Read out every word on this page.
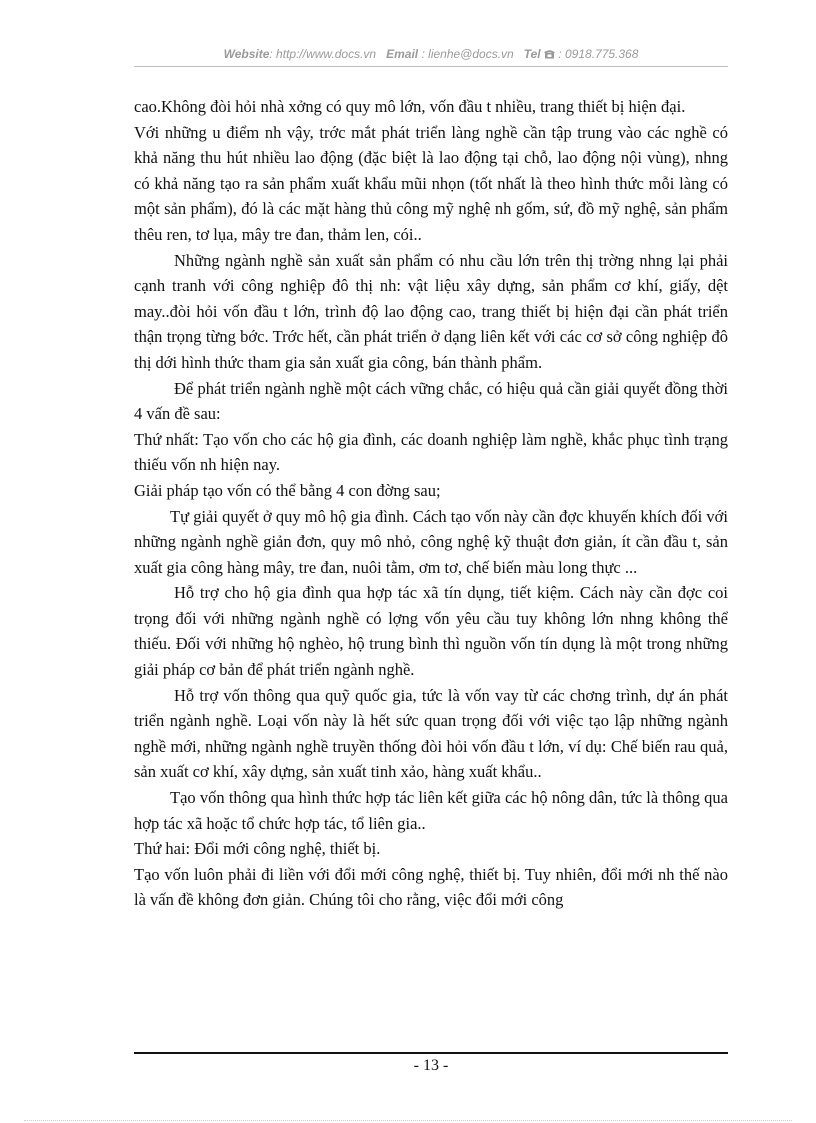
Website: http://www.docs.vn Email : lienhe@docs.vn Tel : 0918.775.368

cao.Không đòi hỏi nhà xởng có quy mô lớn, vốn đầu t nhiều, trang thiết bị hiện đại.

Với những u điểm nh vậy, trớc mắt phát triển làng nghề cần tập trung vào các nghề có khả năng thu hút nhiều lao động (đặc biệt là lao động tại chỗ, lao động nội vùng), nhng có khả năng tạo ra sản phẩm xuất khẩu mũi nhọn (tốt nhất là theo hình thức mỗi làng có một sản phẩm), đó là các mặt hàng thủ công mỹ nghệ nh gốm, sứ, đồ mỹ nghệ, sản phẩm thêu ren, tơ lụa, mây tre đan, thảm len, cói..

Những ngành nghề sản xuất sản phẩm có nhu cầu lớn trên thị trờng nhng lại phải cạnh tranh với công nghiệp đô thị nh: vật liệu xây dựng, sản phẩm cơ khí, giấy, dệt may..đòi hỏi vốn đầu t lớn, trình độ lao động cao, trang thiết bị hiện đại cần phát triển thận trọng từng bớc. Trớc hết, cần phát triển ở dạng liên kết với các cơ sở công nghiệp đô thị dới hình thức tham gia sản xuất gia công, bán thành phẩm.

Để phát triển ngành nghề một cách vững chắc, có hiệu quả cần giải quyết đồng thời 4 vấn đề sau:

Thứ nhất: Tạo vốn cho các hộ gia đình, các doanh nghiệp làm nghề, khắc phục tình trạng thiếu vốn nh hiện nay.

Giải pháp tạo vốn có thể bằng 4 con đờng sau;

Tự giải quyết ở quy mô hộ gia đình. Cách tạo vốn này cần đợc khuyến khích đối với những ngành nghề giản đơn, quy mô nhỏ, công nghệ kỹ thuật đơn giản, ít cần đầu t, sản xuất gia công hàng mây, tre đan, nuôi tằm, ơm tơ, chế biến màu long thực ...

Hỗ trợ cho hộ gia đình qua hợp tác xã tín dụng, tiết kiệm. Cách này cần đợc coi trọng đối với những ngành nghề có lợng vốn yêu cầu tuy không lớn nhng không thể thiếu. Đối với những hộ nghèo, hộ trung bình thì nguồn vốn tín dụng là một trong những giải pháp cơ bản để phát triển ngành nghề.

Hỗ trợ vốn thông qua quỹ quốc gia, tức là vốn vay từ các chơng trình, dự án phát triển ngành nghề. Loại vốn này là hết sức quan trọng đối với việc tạo lập những ngành nghề mới, những ngành nghề truyền thống đòi hỏi vốn đầu t lớn, ví dụ: Chế biến rau quả, sản xuất cơ khí, xây dựng, sản xuất tinh xảo, hàng xuất khẩu..

Tạo vốn thông qua hình thức hợp tác liên kết giữa các hộ nông dân, tức là thông qua hợp tác xã hoặc tổ chức hợp tác, tổ liên gia..

Thứ hai: Đổi mới công nghệ, thiết bị.

Tạo vốn luôn phải đi liền với đổi mới công nghệ, thiết bị. Tuy nhiên, đổi mới nh thế nào là vấn đề không đơn giản. Chúng tôi cho rằng, việc đổi mới công

- 13 -
